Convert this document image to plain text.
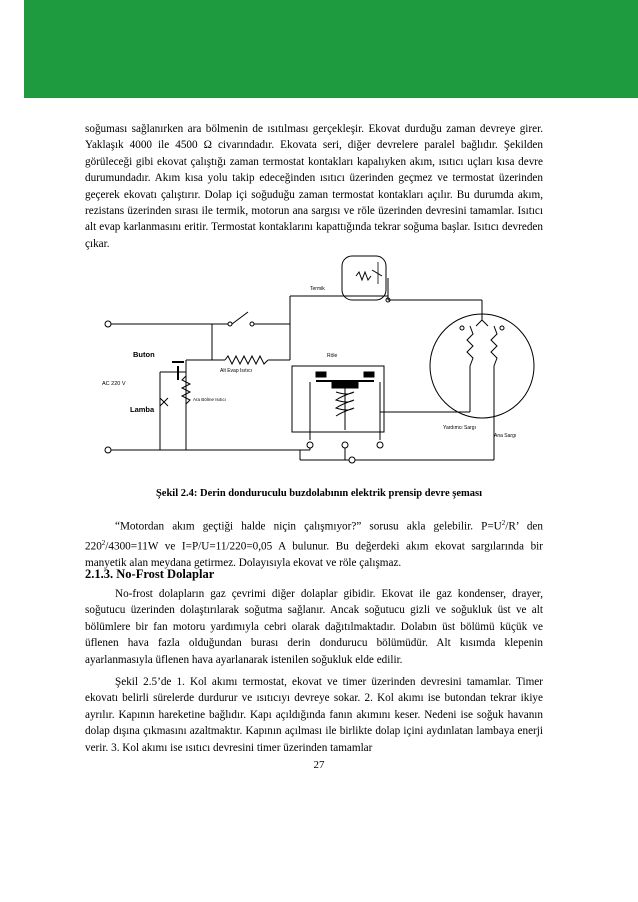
soğuması sağlanırken ara bölmenin de ısıtılması gerçekleşir. Ekovat durduğu zaman devreye girer. Yaklaşık 4000 ile 4500 Ω civarındadır. Ekovata seri, diğer devrelere paralel bağlıdır. Şekilden görüleceği gibi ekovat çalıştığı zaman termostat kontakları kapalıyken akım, ısıtıcı uçları kısa devre durumundadır. Akım kısa yolu takip edeceğinden ısıtıcı üzerinden geçmez ve termostat üzerinden geçerek ekovatı çalıştırır. Dolap içi soğuduğu zaman termostat kontakları açılır. Bu durumda akım, rezistans üzerinden sırası ile termik, motorun ana sargısı ve röle üzerinden devresini tamamlar. Isıtıcı alt evap karlanmasını eritir. Termostat kontaklarını kapattığında tekrar soğuma başlar. Isıtıcı devreden çıkar.

Termik
Buton	Röle
Alt Evap Isıtıcı
AC 220 V
Ara Bölme Isıtıcı
Lamba
Yardımcı Sargı
Ana Sargı
Şekil 2.4: Derin donduruculu buzdolabının elektrik prensip devre şeması

“Motordan akım geçtiği halde niçin çalışmıyor?” sorusu akla gelebilir. $P=U^2/R$’ den $220^2/4300=11W$ ve I=P/U=11/220=0,05 A bulunur. Bu değerdeki akım ekovat sargılarında bir manyetik alan meydana getirmez. Dolayısıyla ekovat ve röle çalışmaz.

2.1.3. No-Frost Dolaplar

No-frost dolapların gaz çevrimi diğer dolaplar gibidir. Ekovat ile gaz kondenser, drayer, soğutucu üzerinden dolaştırılarak soğutma sağlanır. Ancak soğutucu gizli ve soğukluk üst ve alt bölümlere bir fan motoru yardımıyla cebri olarak dağıtılmaktadır. Dolabın üst bölümü küçük ve üflenen hava fazla olduğundan burası derin dondurucu bölümüdür. Alt kısımda klepenin ayarlanmasıyla üflenen hava ayarlanarak istenilen soğukluk elde edilir.

Şekil 2.5’de 1. Kol akımı termostat, ekovat ve timer üzerinden devresini tamamlar. Timer ekovatı belirli sürelerde durdurur ve ısıtıcıyı devreye sokar. 2. Kol akımı ise butondan tekrar ikiye ayrılır. Kapının hareketine bağlıdır. Kapı açıldığında fanın akımını keser. Nedeni ise soğuk havanın dolap dışına çıkmasını azaltmaktır. Kapının açılması ile birlikte dolap içini aydınlatan lambaya enerji verir. 3. Kol akımı ise ısıtıcı devresini timer üzerinden tamamlar

27
